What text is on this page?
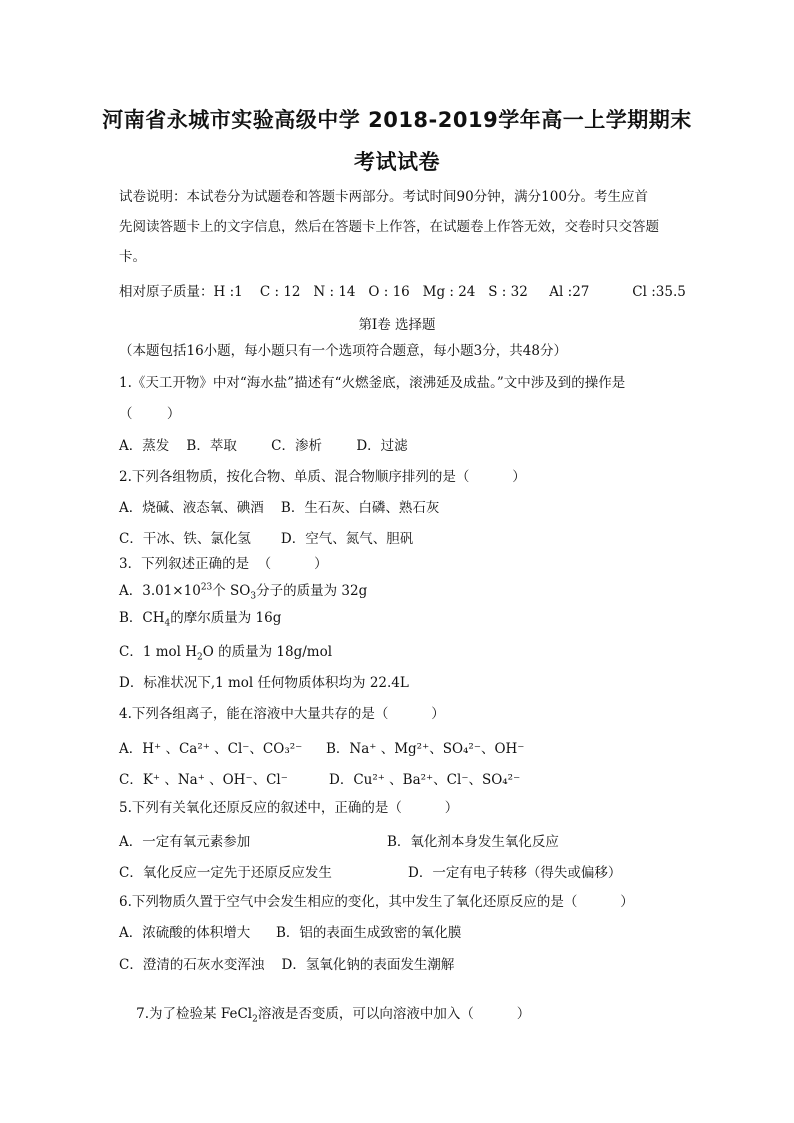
河南省永城市实验高级中学 2018-2019学年高一上学期期末
考试试卷
试卷说明：本试卷分为试题卷和答题卡两部分。考试时间90分钟，满分100分。考生应首
先阅读答题卡上的文字信息，然后在答题卡上作答，在试题卷上作答无效，交卷时只交答题
卡。
相对原子质量：H :1    C : 12   N : 14   O : 16   Mg : 24   S : 32     Al :27          Cl :35.5
第Ⅰ卷 选择题
（本题包括16小题，每小题只有一个选项符合题意，每小题3分，共48分）
1.《天工开物》中对“海水盐”描述有“火燃釜底，滚沸延及成盐。”文中涉及到的操作是
（        ）
A．蒸发    B．萃取        C．渗析        D．过滤
2.下列各组物质，按化合物、单质、混合物顺序排列的是（          ）
A．烧碱、液态氧、碘酒    B．生石灰、白磷、熟石灰
C．干冰、铁、氯化氢       D．空气、氮气、胆矾
3．下列叙述正确的是  （          ）
A．$3.01\times 10^{23}$个 $SO_3$分子的质量为 32g
B．$CH_4$的摩尔质量为 16g
C．1 mol $H_2O$ 的质量为 18g/mol
D．标准状况下,1 mol 任何物质体积均为 22.4L
4.下列各组离子，能在溶液中大量共存的是（          ）
A．H⁺ 、Ca²⁺ 、Cl⁻、CO₃²⁻ B．Na⁺ 、Mg²⁺、SO₄²⁻、OH⁻
C．K⁺ 、Na⁺ 、OH⁻、Cl⁻	D．Cu²⁺ 、Ba²⁺、Cl⁻、SO₄²⁻
5.下列有关氧化还原反应的叙述中，正确的是（          ）
A．一定有氧元素参加	B．氧化剂本身发生氧化反应
C．氧化反应一定先于还原反应发生	D．一定有电子转移（得失或偏移）
6.下列物质久置于空气中会发生相应的变化，其中发生了氧化还原反应的是（          ）
A．浓硫酸的体积增大      B．铝的表面生成致密的氧化膜
C．澄清的石灰水变浑浊    D．氢氧化钠的表面发生潮解

7.为了检验某 FeCl$_2$溶液是否变质，可以向溶液中加入（          ）
